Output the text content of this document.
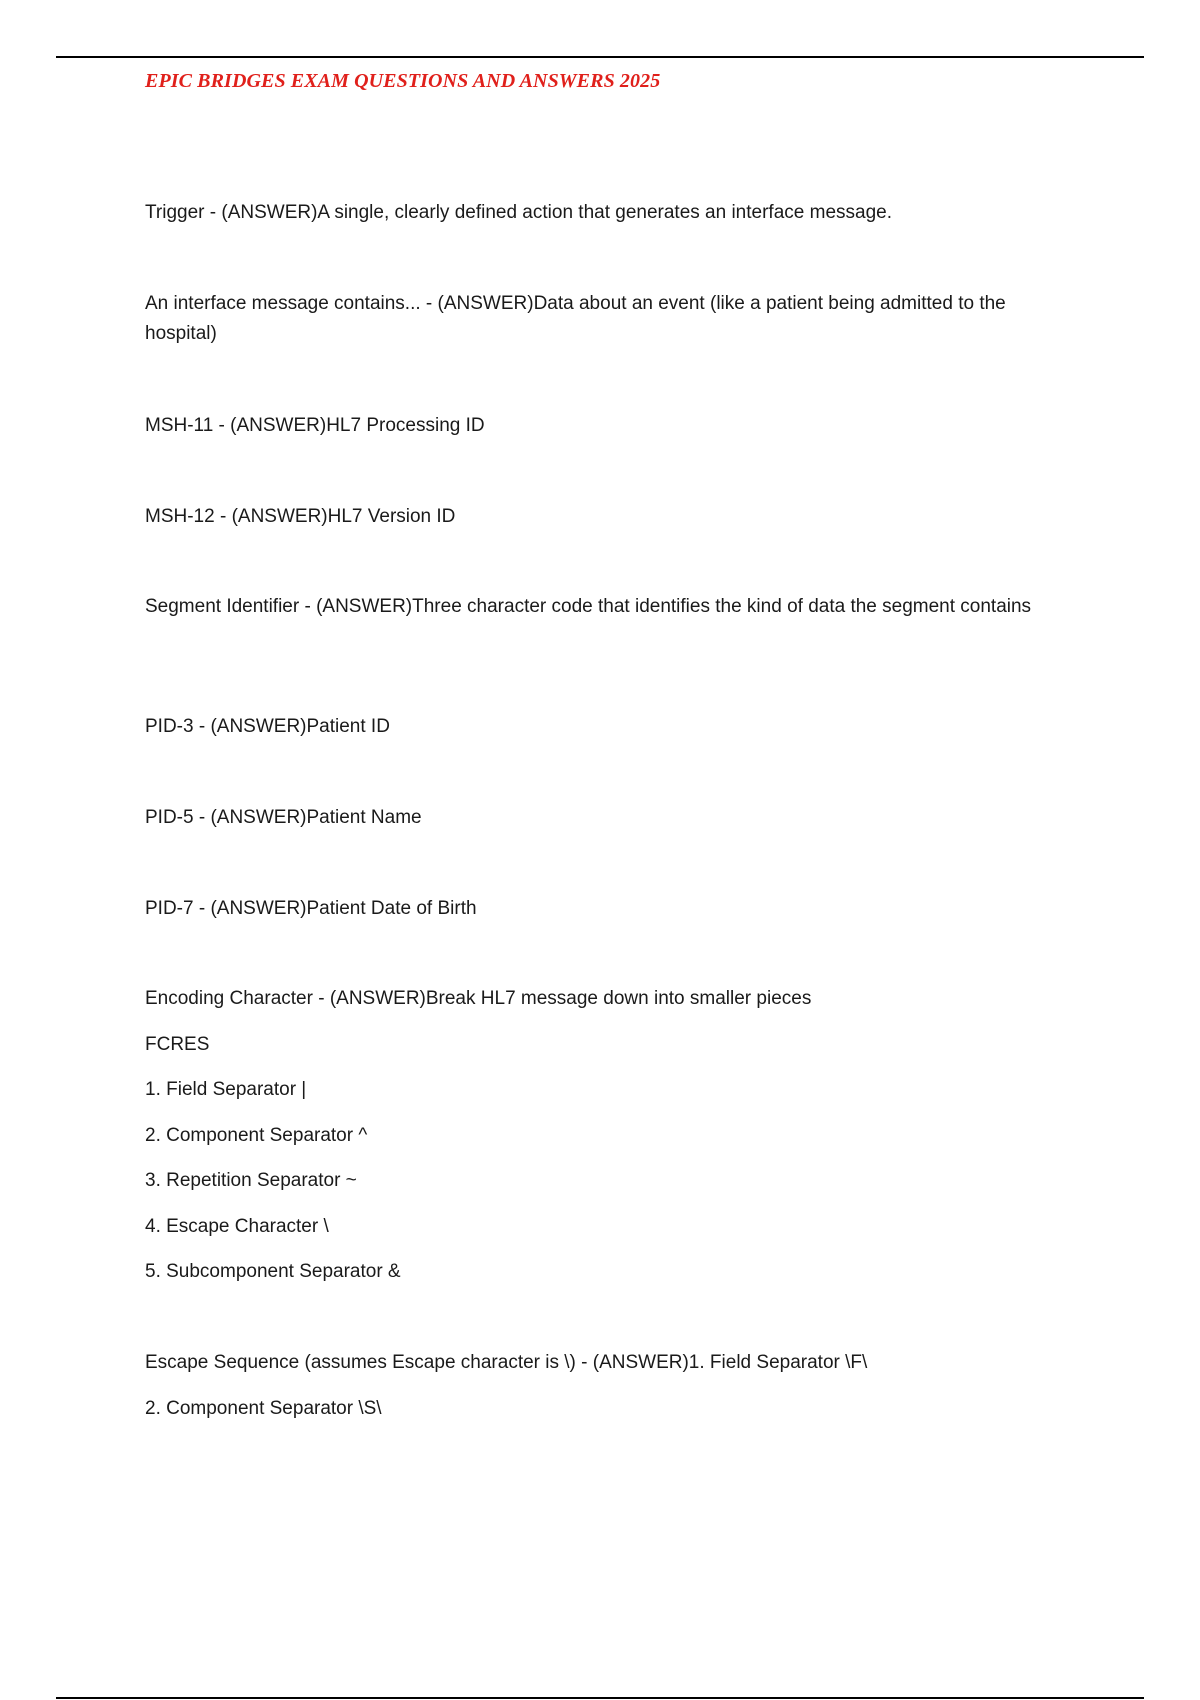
EPIC BRIDGES EXAM QUESTIONS AND ANSWERS 2025

Trigger - (ANSWER)A single, clearly defined action that generates an interface message.

An interface message contains... - (ANSWER)Data about an event (like a patient being admitted to the hospital)

MSH-11 - (ANSWER)HL7 Processing ID

MSH-12 - (ANSWER)HL7 Version ID

Segment Identifier - (ANSWER)Three character code that identifies the kind of data the segment contains

PID-3 - (ANSWER)Patient ID

PID-5 - (ANSWER)Patient Name

PID-7 - (ANSWER)Patient Date of Birth

Encoding Character - (ANSWER)Break HL7 message down into smaller pieces

FCRES

1. Field Separator |

2. Component Separator ^

3. Repetition Separator ~

4. Escape Character \

5. Subcomponent Separator &

Escape Sequence (assumes Escape character is \) - (ANSWER)1. Field Separator \F\

2. Component Separator \S\
